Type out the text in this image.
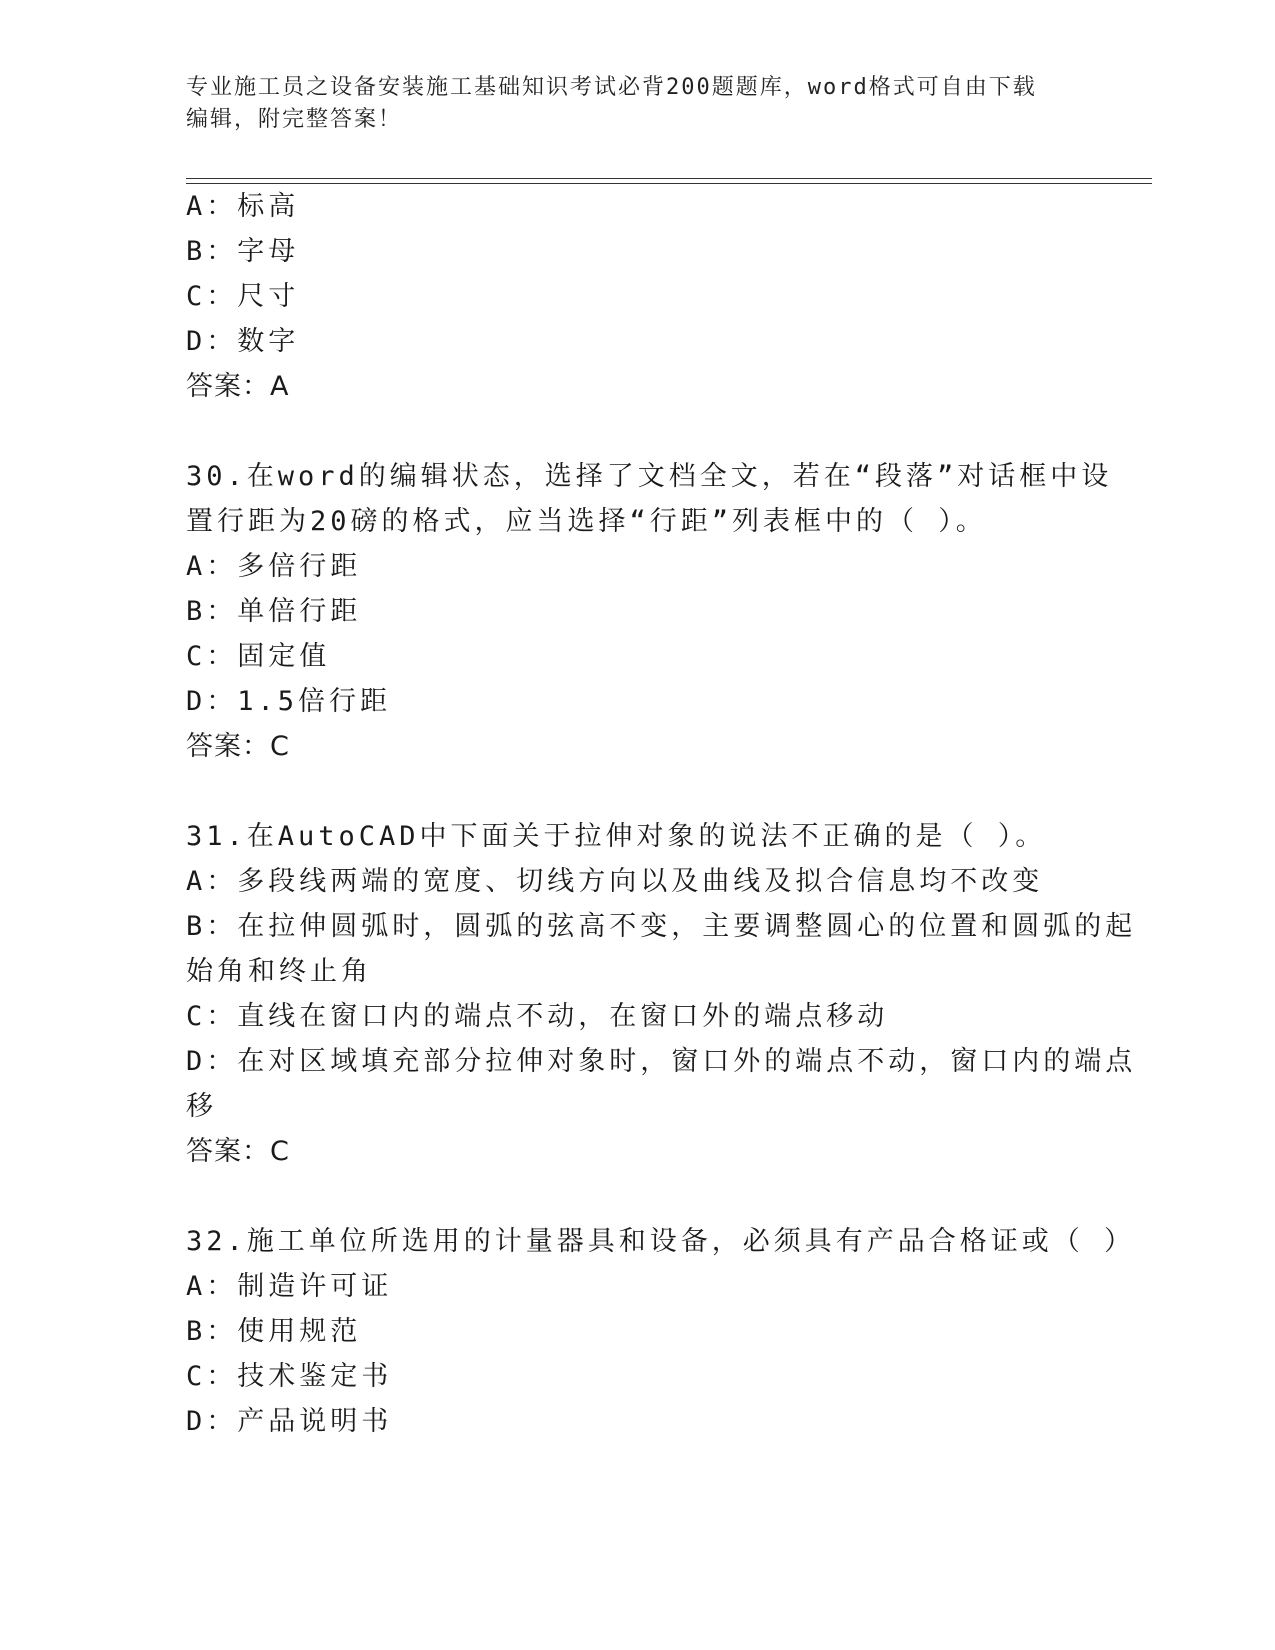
专业施工员之设备安装施工基础知识考试必背200题题库，word格式可自由下载
编辑，附完整答案！
A：标高
B：字母
C：尺寸
D：数字
答案：A
30.在word的编辑状态，选择了文档全文，若在“段落”对话框中设
置行距为20磅的格式，应当选择“行距”列表框中的（ ）。
A：多倍行距
B：单倍行距
C：固定值
D：1.5倍行距
答案：C
31.在AutoCAD中下面关于拉伸对象的说法不正确的是（ ）。
A：多段线两端的宽度、切线方向以及曲线及拟合信息均不改变
B：在拉伸圆弧时，圆弧的弦高不变，主要调整圆心的位置和圆弧的起
始角和终止角
C：直线在窗口内的端点不动，在窗口外的端点移动
D：在对区域填充部分拉伸对象时，窗口外的端点不动，窗口内的端点
移
答案：C
32.施工单位所选用的计量器具和设备，必须具有产品合格证或（ ）
A：制造许可证
B：使用规范
C：技术鉴定书
D：产品说明书
